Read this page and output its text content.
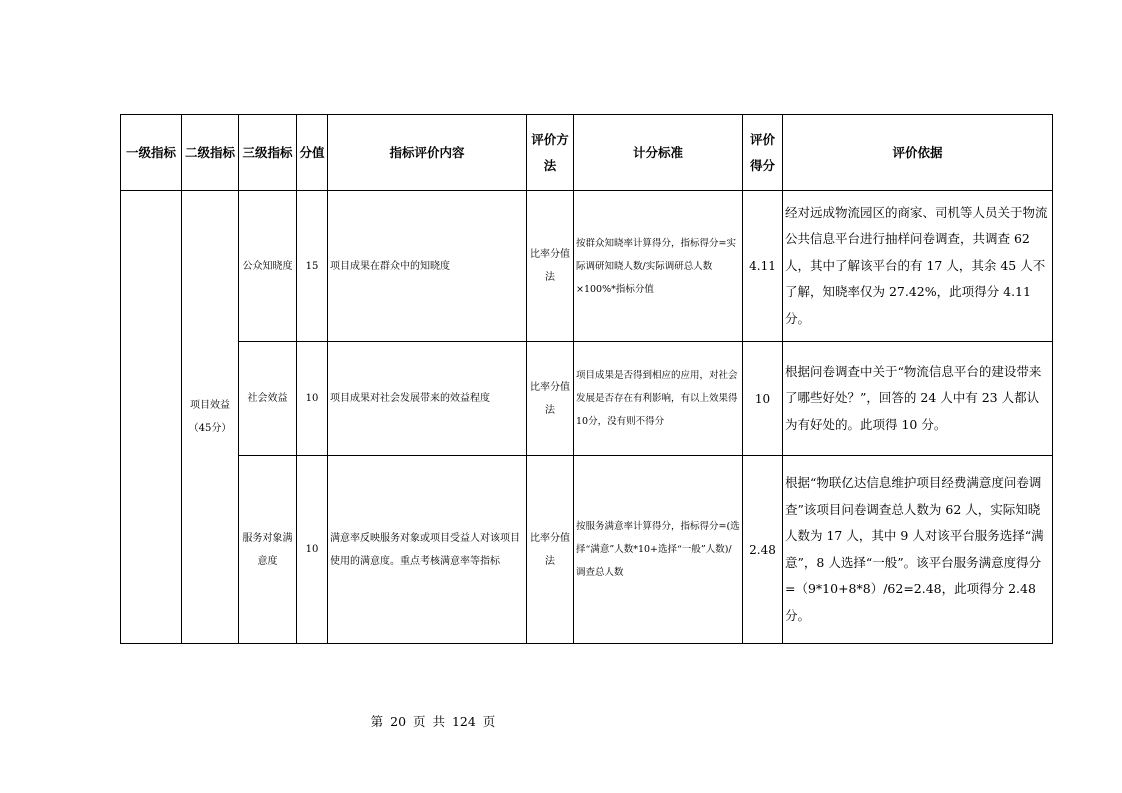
一级指标	二级指标	三级指标	分值	指标评价内容	评价方法	计分标准	评价得分	评价依据
	项目效益（45分）	公众知晓度	15	项目成果在群众中的知晓度	比率分值法	按群众知晓率计算得分，指标得分=实际调研知晓人数/实际调研总人数×100%*指标分值	4.11	经对远成物流园区的商家、司机等人员关于物流公共信息平台进行抽样问卷调查，共调查 62 人，其中了解该平台的有 17 人，其余 45 人不了解，知晓率仅为 27.42%，此项得分 4.11 分。
		社会效益	10	项目成果对社会发展带来的效益程度	比率分值法	项目成果是否得到相应的应用，对社会发展是否存在有利影响，有以上效果得10分，没有则不得分	10	根据问卷调查中关于“物流信息平台的建设带来了哪些好处？”，回答的 24 人中有 23 人都认为有好处的。此项得 10 分。
		服务对象满意度	10	满意率反映服务对象或项目受益人对该项目使用的满意度。重点考核满意率等指标	比率分值法	按服务满意率计算得分，指标得分=(选择“满意”人数*10+选择“一般”人数)/调查总人数	2.48	根据“物联亿达信息维护项目经费满意度问卷调查”该项目问卷调查总人数为 62 人，实际知晓人数为 17 人，其中 9 人对该平台服务选择“满意”，8 人选择“一般”。该平台服务满意度得分=（9*10+8*8）/62=2.48，此项得分 2.48 分。
第 20 页 共 124 页
